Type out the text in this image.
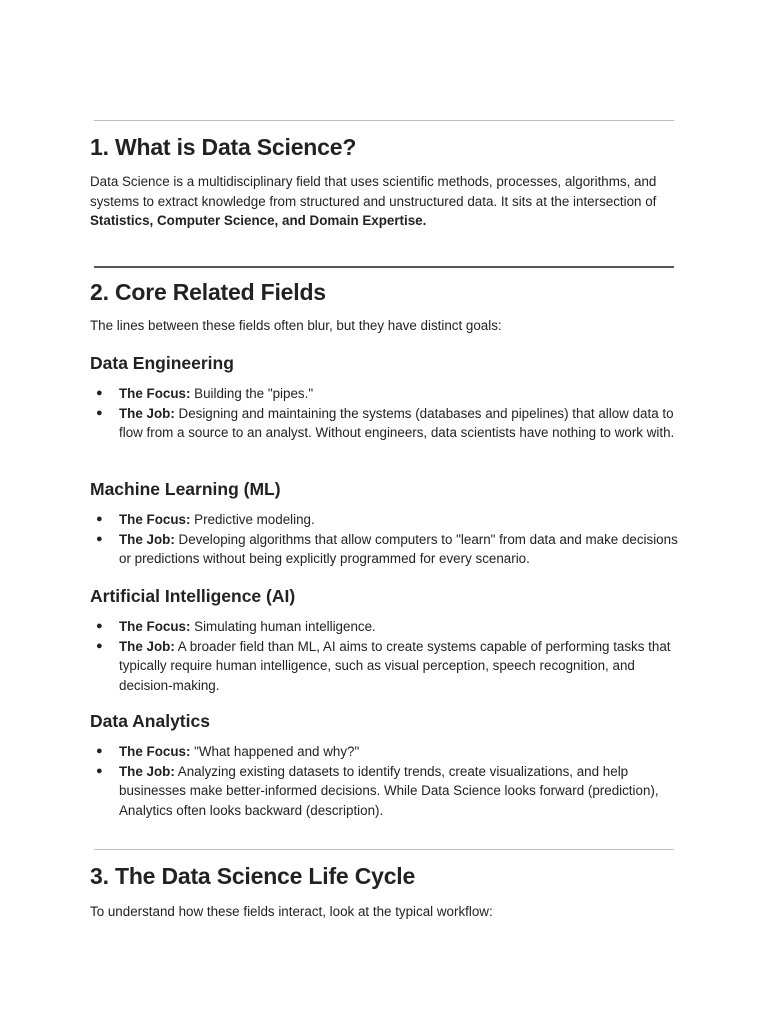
1. What is Data Science?

Data Science is a multidisciplinary field that uses scientific methods, processes, algorithms, and systems to extract knowledge from structured and unstructured data. It sits at the intersection of Statistics, Computer Science, and Domain Expertise.

2. Core Related Fields

The lines between these fields often blur, but they have distinct goals:

Data Engineering
● The Focus: Building the "pipes."
● The Job: Designing and maintaining the systems (databases and pipelines) that allow data to flow from a source to an analyst. Without engineers, data scientists have nothing to work with.
Machine Learning (ML)
● The Focus: Predictive modeling.
● The Job: Developing algorithms that allow computers to "learn" from data and make decisions or predictions without being explicitly programmed for every scenario.
Artificial Intelligence (AI)
● The Focus: Simulating human intelligence.
● The Job: A broader field than ML, AI aims to create systems capable of performing tasks that typically require human intelligence, such as visual perception, speech recognition, and decision-making.
Data Analytics
● The Focus: "What happened and why?"
● The Job: Analyzing existing datasets to identify trends, create visualizations, and help businesses make better-informed decisions. While Data Science looks forward (prediction), Analytics often looks backward (description).
3. The Data Science Life Cycle

To understand how these fields interact, look at the typical workflow:
